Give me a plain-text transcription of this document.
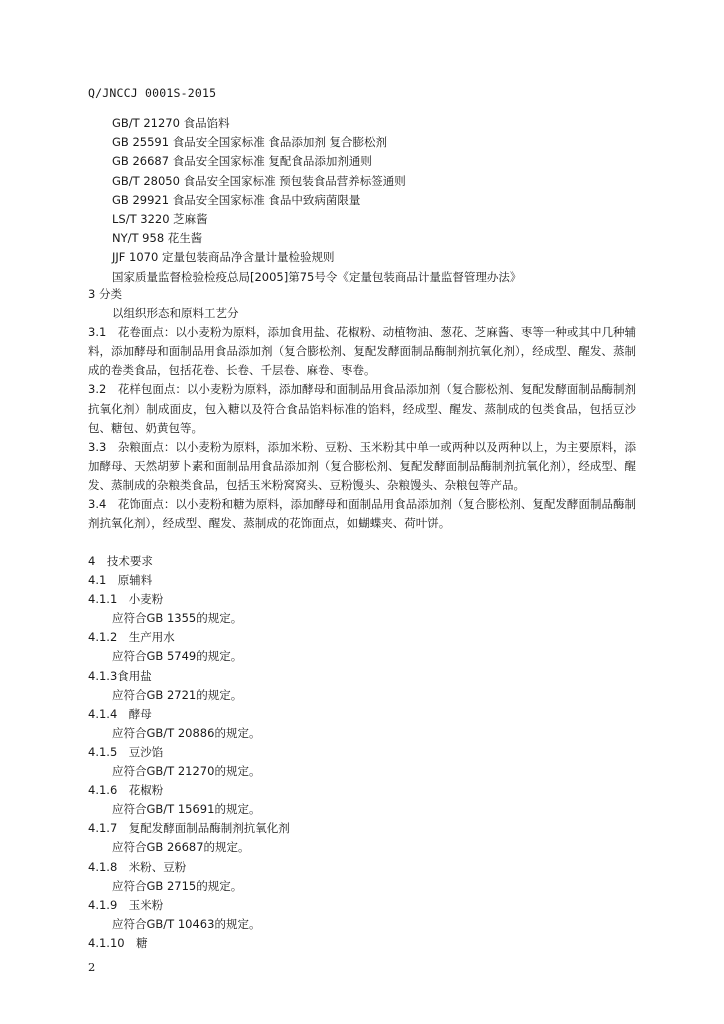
Q/JNCCJ 0001S-2015
GB/T 21270 食品馅料
GB 25591 食品安全国家标准 食品添加剂 复合膨松剂
GB 26687 食品安全国家标准 复配食品添加剂通则
GB/T 28050 食品安全国家标准 预包装食品营养标签通则
GB 29921 食品安全国家标准 食品中致病菌限量
LS/T 3220 芝麻酱
NY/T 958 花生酱
JJF 1070 定量包装商品净含量计量检验规则
国家质量监督检验检疫总局[2005]第75号令《定量包装商品计量监督管理办法》
3 分类
以组织形态和原料工艺分
3.1　花卷面点：以小麦粉为原料，添加食用盐、花椒粉、动植物油、葱花、芝麻酱、枣等一种或其中几种辅料，添加酵母和面制品用食品添加剂（复合膨松剂、复配发酵面制品酶制剂抗氧化剂），经成型、醒发、蒸制成的卷类食品，包括花卷、长卷、千层卷、麻卷、枣卷。
3.2　花样包面点：以小麦粉为原料，添加酵母和面制品用食品添加剂（复合膨松剂、复配发酵面制品酶制剂抗氧化剂）制成面皮，包入糖以及符合食品馅料标准的馅料，经成型、醒发、蒸制成的包类食品，包括豆沙包、糖包、奶黄包等。
3.3　杂粮面点：以小麦粉为原料，添加米粉、豆粉、玉米粉其中单一或两种以及两种以上，为主要原料，添加酵母、天然胡萝卜素和面制品用食品添加剂（复合膨松剂、复配发酵面制品酶制剂抗氧化剂），经成型、醒发、蒸制成的杂粮类食品，包括玉米粉窝窝头、豆粉馒头、杂粮馒头、杂粮包等产品。
3.4　花饰面点：以小麦粉和糖为原料，添加酵母和面制品用食品添加剂（复合膨松剂、复配发酵面制品酶制剂抗氧化剂），经成型、醒发、蒸制成的花饰面点，如蝴蝶夹、荷叶饼。
4　技术要求
4.1　原辅料
4.1.1　小麦粉
应符合GB 1355的规定。
4.1.2　生产用水
应符合GB 5749的规定。
4.1.3食用盐
应符合GB 2721的规定。
4.1.4　酵母
应符合GB/T 20886的规定。
4.1.5　豆沙馅
应符合GB/T 21270的规定。
4.1.6　花椒粉
应符合GB/T 15691的规定。
4.1.7　复配发酵面制品酶制剂抗氧化剂
应符合GB 26687的规定。
4.1.8　米粉、豆粉
应符合GB 2715的规定。
4.1.9　玉米粉
应符合GB/T 10463的规定。
4.1.10　糖
2
